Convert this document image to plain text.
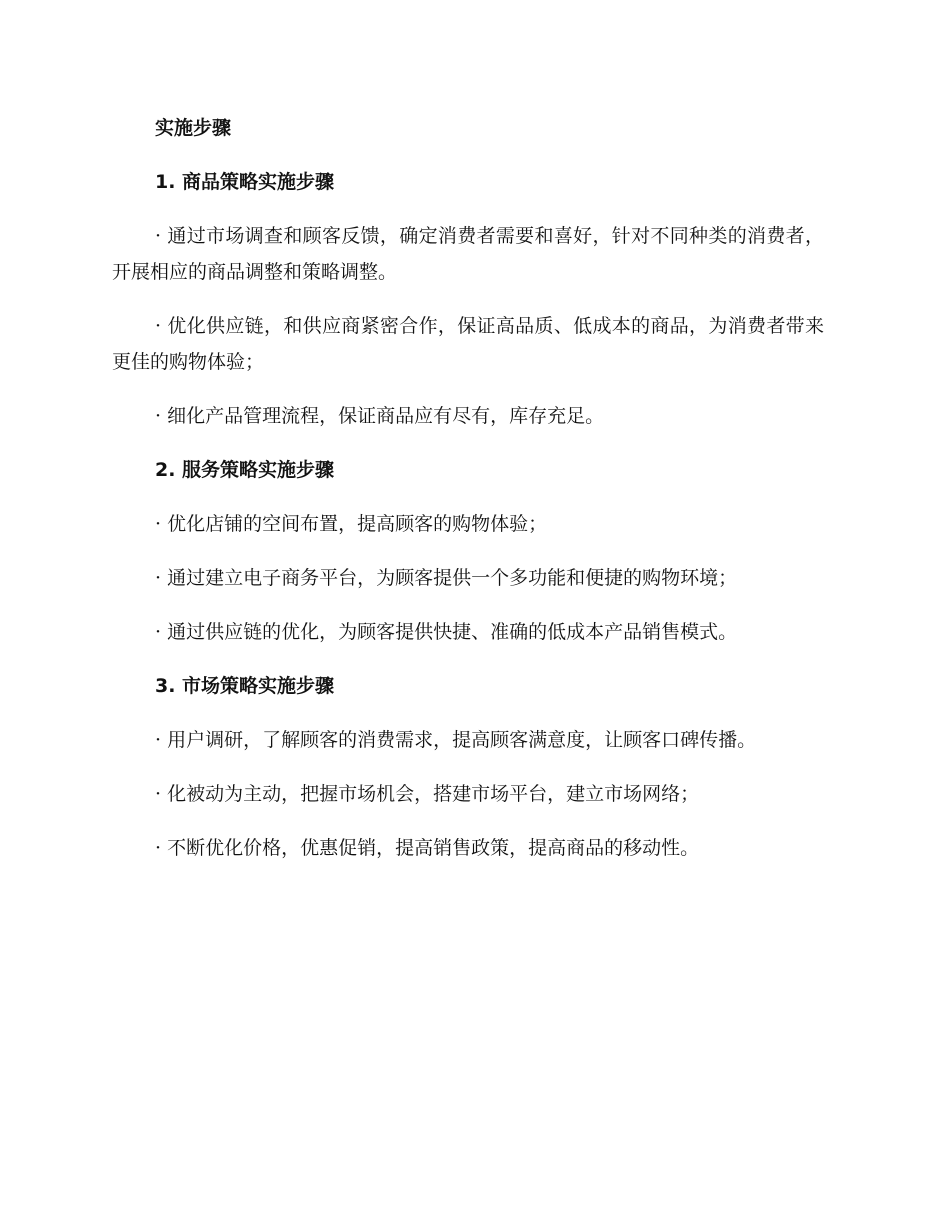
实施步骤
1. 商品策略实施步骤

· 通过市场调查和顾客反馈，确定消费者需要和喜好，针对不同种类的消费者，开展相应的商品调整和策略调整。

· 优化供应链，和供应商紧密合作，保证高品质、低成本的商品，为消费者带来更佳的购物体验；

· 细化产品管理流程，保证商品应有尽有，库存充足。

2. 服务策略实施步骤

· 优化店铺的空间布置，提高顾客的购物体验；

· 通过建立电子商务平台，为顾客提供一个多功能和便捷的购物环境；

· 通过供应链的优化，为顾客提供快捷、准确的低成本产品销售模式。

3. 市场策略实施步骤

· 用户调研，了解顾客的消费需求，提高顾客满意度，让顾客口碑传播。

· 化被动为主动，把握市场机会，搭建市场平台，建立市场网络；

· 不断优化价格，优惠促销，提高销售政策，提高商品的移动性。
